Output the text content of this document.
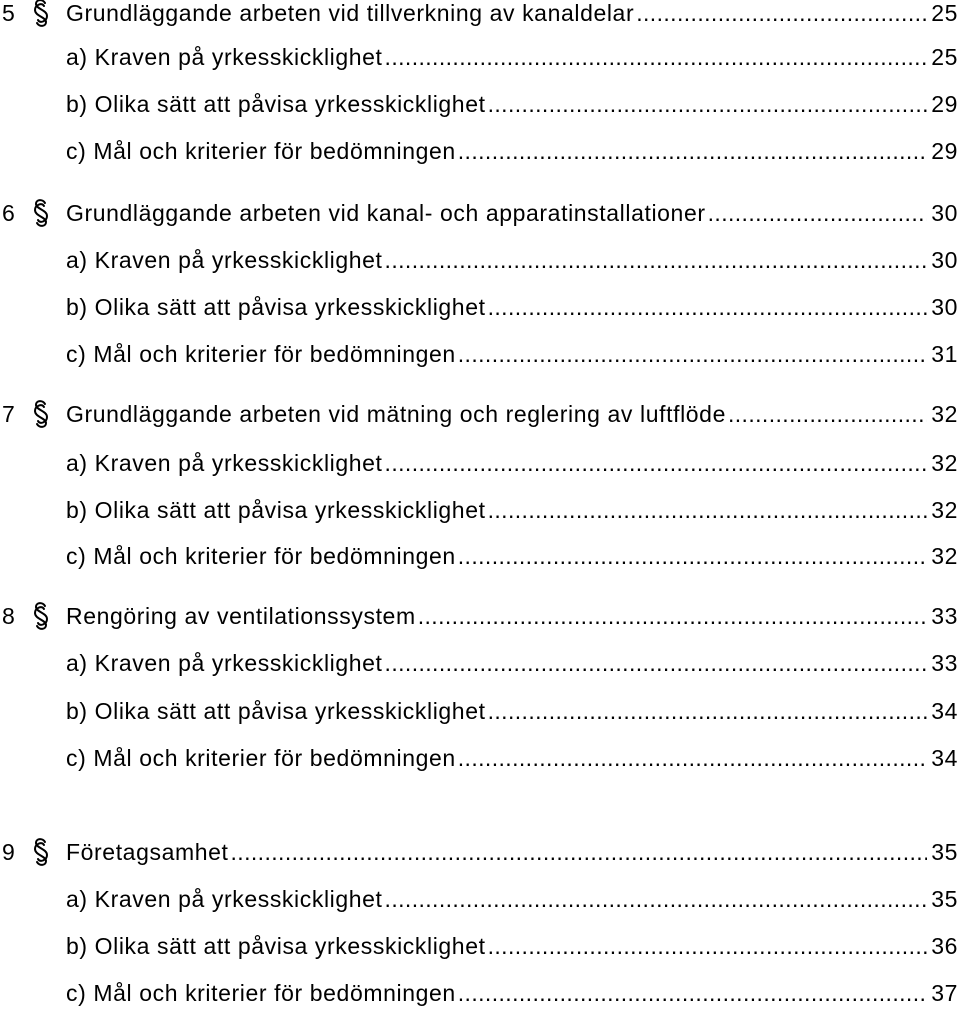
5	Grundläggande arbeten vid tillverkning av kanaldelar .....	25
a) Kraven på yrkesskicklighet .....	25
b) Olika sätt att påvisa yrkesskicklighet .....	29
c) Mål och kriterier för bedömningen .....	29
6	Grundläggande arbeten vid kanal- och apparatinstallationer .....	30
a) Kraven på yrkesskicklighet .....	30
b) Olika sätt att påvisa yrkesskicklighet .....	30
c) Mål och kriterier för bedömningen .....	31
7	Grundläggande arbeten vid mätning och reglering av luftflöde .....	32
a) Kraven på yrkesskicklighet .....	32
b) Olika sätt att påvisa yrkesskicklighet .....	32
c) Mål och kriterier för bedömningen .....	32
8	Rengöring av ventilationssystem .....	33
a) Kraven på yrkesskicklighet .....	33
b) Olika sätt att påvisa yrkesskicklighet .....	34
c) Mål och kriterier för bedömningen .....	34
9	Företagsamhet .....	35
a) Kraven på yrkesskicklighet .....	35
b) Olika sätt att påvisa yrkesskicklighet .....	36
c) Mål och kriterier för bedömningen .....	37
